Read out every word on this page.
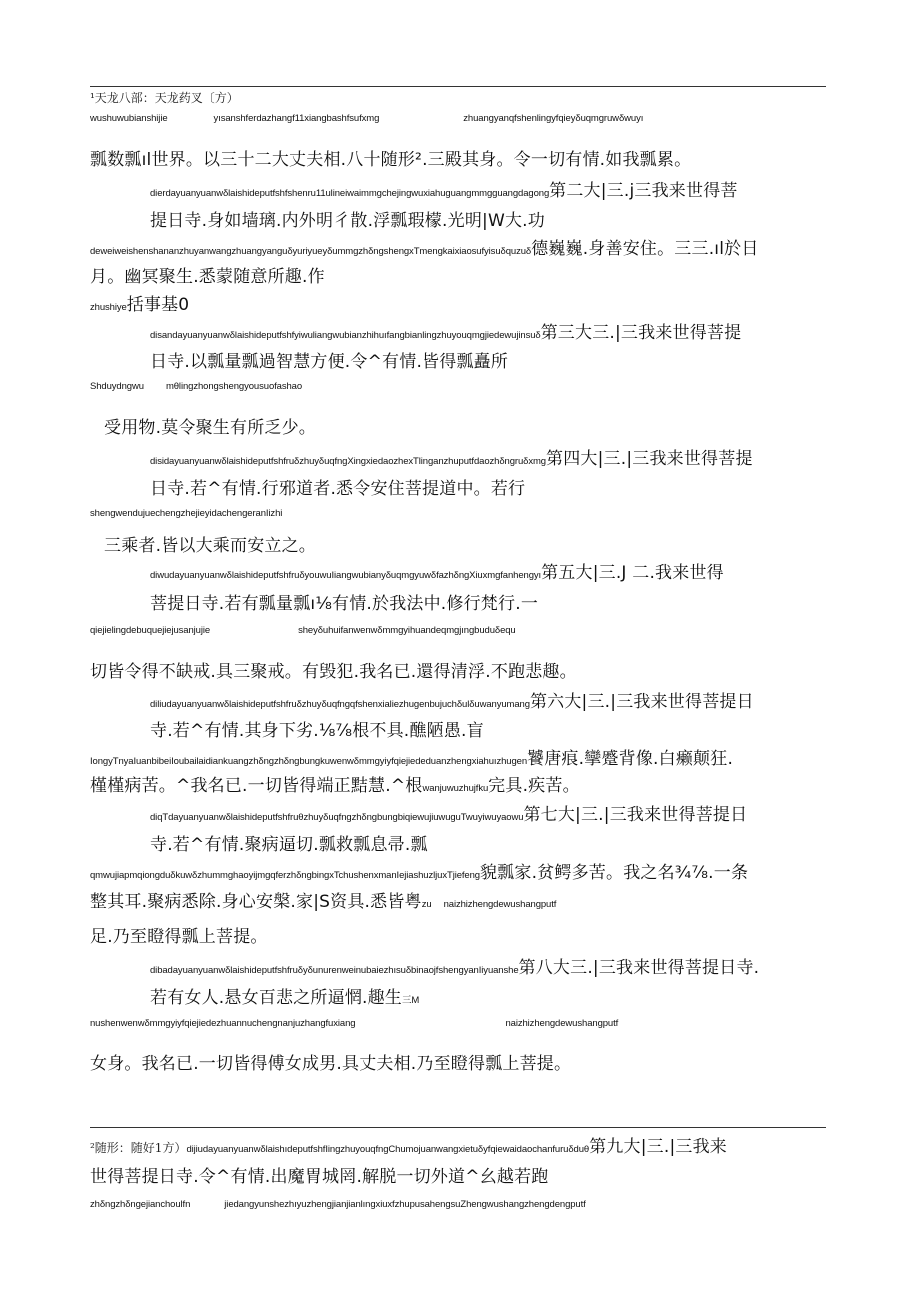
¹天龙八部：天龙药叉〔方）
wushuwubianshijie	yısanshferdazhangf11xiangbashfsufxmg	zhuangyanqfshenlingyfqieyδuqmgruwδwuyı
瓢数瓢ıl世界。以三十二大丈夫相.八十随形².三殿其身。令一切有情.如我瓢累。
dierdayuanyuanwδlaishideputfshfshenru11ulineiwaimmgchejingwuxiahuguangmmgguangdagong第二大|三.j三我来世得菩
提日寺.身如墙璃.内外明彳散.浮瓢瑕檬.光明|W大.功
deweiweishenshananzhuyanwangzhuangyanguδyuriyueyδummgzhδngshengxTmengkaixiaosufyisuδquzuδ德巍巍.身善安住。三三.ıl於日
月。幽冥聚生.悉蒙随意所趣.作
zhushiye括事基0
disandayuanyuanwδlaishideputfshfyiwuliangwubianzhihuıfangbianlingzhuyouqmgjiedewujinsuδ第三大三.|三我来世得菩提
日寺.以瓢量瓢過智慧方便.令^有情.皆得瓢矗所
Shduydngwu mθlingzhongshengyousuofashao
受用物.莫令聚生有所乏少。
disidayuanyuanwδlaishideputfshfruδzhuyδuqfngXingxiedaozhexTlinganzhuputfdaozhδngruδxmg第四大|三.|三我来世得菩提
日寺.若^有情.行邪道者.悉令安住菩提道中。若行
shengwendujuechengzhejieyidachengeranIizhi
三乘者.皆以大乘而安立之。
diwudayuanyuanwδlaishideputfshfruδyouwuIiangwubianyδuqmgyuwδfazhδngXiuxmgfanhengyı第五大|三.J 二.我来世得
菩提日寺.若有瓢量瓢ı⅛有情.於我法中.修行梵行.一
qiejielingdebuquejiejusanjujie	sheyδuhuifanwenwδmmgyihuandeqmgjıngbuduδequ
切皆令得不缺戒.具三聚戒。有毁犯.我名已.還得清浮.不跑悲趣。
diliudayuanyuanwδlaishideputfshfruδzhuyδuqfngqfshenxialiezhugenbujuchδulδuwanyumang第六大|三.|三我来世得菩提日
寺.若^有情.其身下劣.⅛⅞根不具.醮陋愚.盲
IongyTnyaIuanbibeiIoubailaidiankuangzhδngzhδngbungkuwenwδmmgyiyfqiejiededuanzhengxiahuızhugen饕唐痕.攣蹙背像.白癞颠狂.
槿槿病苦。^我名已.一切皆得端正黠慧.^根wanjuwuzhujfku完具.疾苦。
diqTdayuanyuanwδlaishideputfshfruθzhuyδuqfngzhδngbungbiqiewujiuwuguTwuyiwuyaowu第七大|三.|三我来世得菩提日
寺.若^有情.聚病逼切.瓢救瓢息帚.瓢
qmwujiapmqiongduδkuwδzhummghaoyijmgqferzhδngbingxTchushenxmanIejiashuzljuxTjiefeng貌瓢家.贫鳄多苦。我之名¾⅞.一条
整其耳.聚病悉除.身心安槃.家|S资具.悉皆粤zu naizhizhengdewushangputf
足.乃至瞪得瓢上菩提。
dibadayuanyuanwδlaishideputfshfruδyδunurenweinubaiezhısuδbinaojfshengyanIiyuanshe第八大三.|三我来世得菩提日寺.
若有女人.悬女百悲之所逼惘.趣生三M
nushenwenwδmmgyiyfqiejiedezhuannuchengnanjuzhangfuxiang	naizhizhengdewushangputf
女身。我名已.一切皆得傅女成男.具丈夫相.乃至瞪得瓢上菩提。
²随形：随好1方）dijiudayuanyuanwδlaishıdeputfshfIingzhuyouqfngChumojuanwangxietuδyfqiewaidaochanfuruδduθ第九大|三.|三我来
世得菩提日寺.令^有情.出魔胃城罔.解脱一切外道^幺越若跑
zhδngzhδngejianchoulfn	jiedangyunshezhıyuzhengjianjianlıngxiuxfzhupusahengsuZhengwushangzhengdengputf
